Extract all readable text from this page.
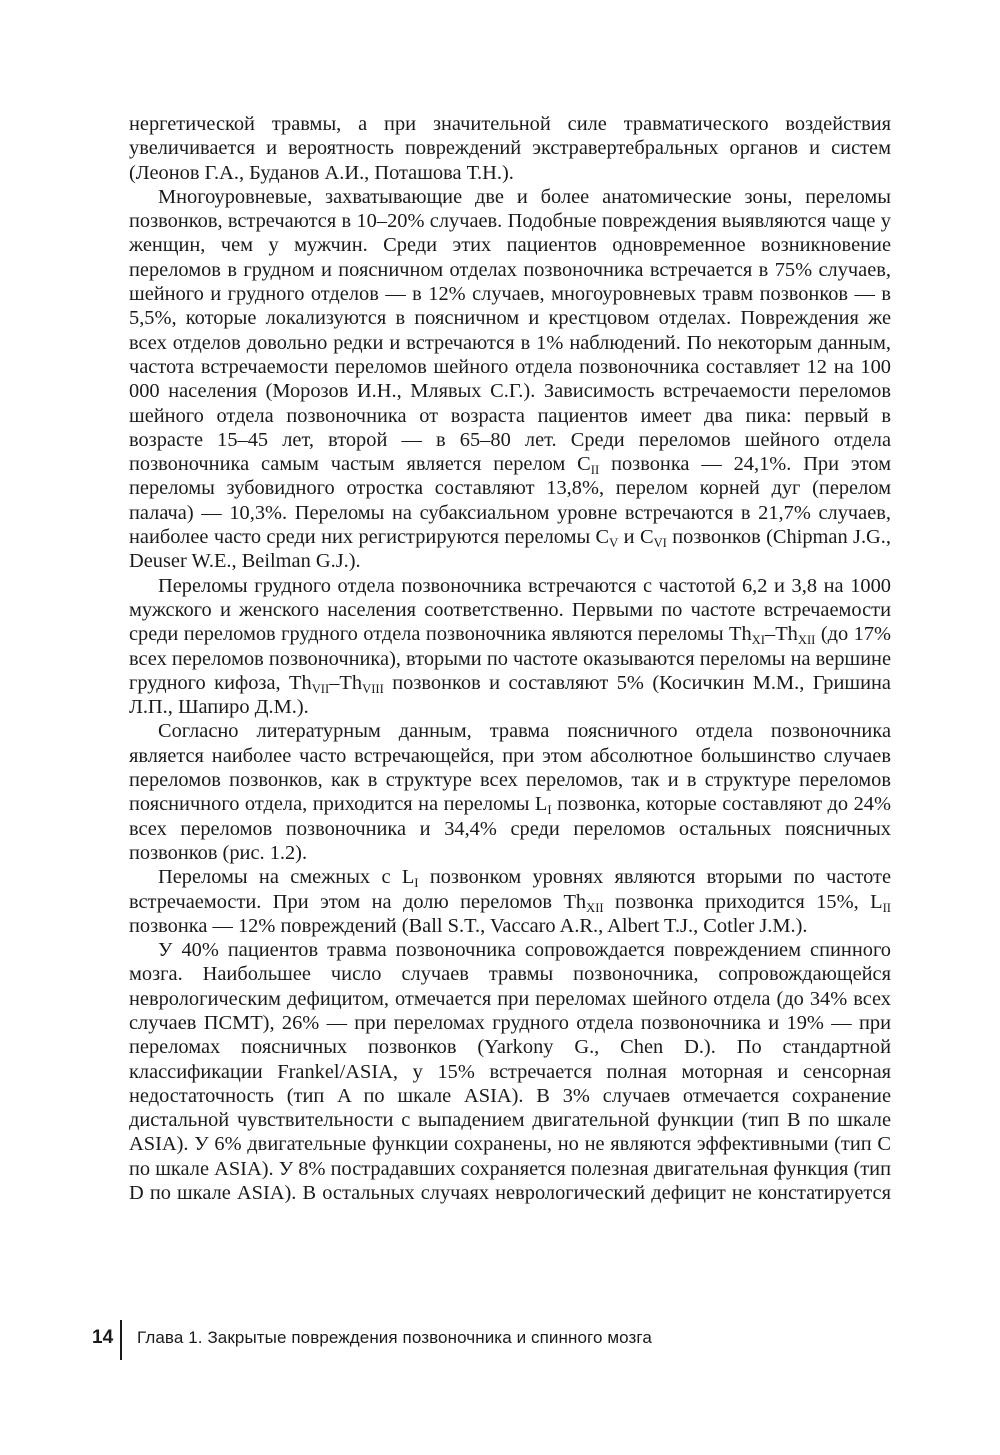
нергетической травмы, а при значительной силе травматического воздействия увеличивается и вероятность повреждений экстравертебральных органов и систем (Леонов Г.А., Буданов А.И., Поташова Т.Н.).

Многоуровневые, захватывающие две и более анатомические зоны, переломы позвонков, встречаются в 10–20% случаев. Подобные повреждения выявляются чаще у женщин, чем у мужчин. Среди этих пациентов одновременное возникновение переломов в грудном и поясничном отделах позвоночника встречается в 75% случаев, шейного и грудного отделов — в 12% случаев, многоуровневых травм позвонков — в 5,5%, которые локализуются в поясничном и крестцовом отделах. Повреждения же всех отделов довольно редки и встречаются в 1% наблюдений. По некоторым данным, частота встречаемости переломов шейного отдела позвоночника составляет 12 на 100 000 населения (Морозов И.Н., Млявых С.Г.). Зависимость встречаемости переломов шейного отдела позвоночника от возраста пациентов имеет два пика: первый в возрасте 15–45 лет, второй — в 65–80 лет. Среди переломов шейного отдела позвоночника самым частым является перелом $C_{II}$ позвонка — 24,1%. При этом переломы зубовидного отростка составляют 13,8%, перелом корней дуг (перелом палача) — 10,3%. Переломы на субаксиальном уровне встречаются в 21,7% случаев, наиболее часто среди них регистрируются переломы $C_V$ и $C_{VI}$ позвонков (Chipman J.G., Deuser W.E., Beilman G.J.).

Переломы грудного отдела позвоночника встречаются с частотой 6,2 и 3,8 на 1000 мужского и женского населения соответственно. Первыми по частоте встречаемости среди переломов грудного отдела позвоночника являются переломы $Th_{XI}-Th_{XII}$ (до 17% всех переломов позвоночника), вторыми по частоте оказываются переломы на вершине грудного кифоза, $Th_{VII}-Th_{VIII}$ позвонков и составляют 5% (Косичкин М.М., Гришина Л.П., Шапиро Д.М.).

Согласно литературным данным, травма поясничного отдела позвоночника является наиболее часто встречающейся, при этом абсолютное большинство случаев переломов позвонков, как в структуре всех переломов, так и в структуре переломов поясничного отдела, приходится на переломы $L_I$ позвонка, которые составляют до 24% всех переломов позвоночника и 34,4% среди переломов остальных поясничных позвонков (рис. 1.2).

Переломы на смежных с $L_I$ позвонком уровнях являются вторыми по частоте встречаемости. При этом на долю переломов $Th_{XII}$ позвонка приходится 15%, $L_{II}$ позвонка — 12% повреждений (Ball S.T., Vaccaro A.R., Albert T.J., Cotler J.M.).

У 40% пациентов травма позвоночника сопровождается повреждением спинного мозга. Наибольшее число случаев травмы позвоночника, сопровождающейся неврологическим дефицитом, отмечается при переломах шейного отдела (до 34% всех случаев ПСМТ), 26% — при переломах грудного отдела позвоночника и 19% — при переломах поясничных позвонков (Yarkony G., Chen D.). По стандартной классификации Frankel/ASIA, у 15% встречается полная моторная и сенсорная недостаточность (тип A по шкале ASIA). В 3% случаев отмечается сохранение дистальной чувствительности с выпадением двигательной функции (тип B по шкале ASIA). У 6% двигательные функции сохранены, но не являются эффективными (тип C по шкале ASIA). У 8% пострадавших сохраняется полезная двигательная функция (тип D по шкале ASIA). В остальных случаях неврологический дефицит не констатируется

14 Глава 1. Закрытые повреждения позвоночника и спинного мозга
